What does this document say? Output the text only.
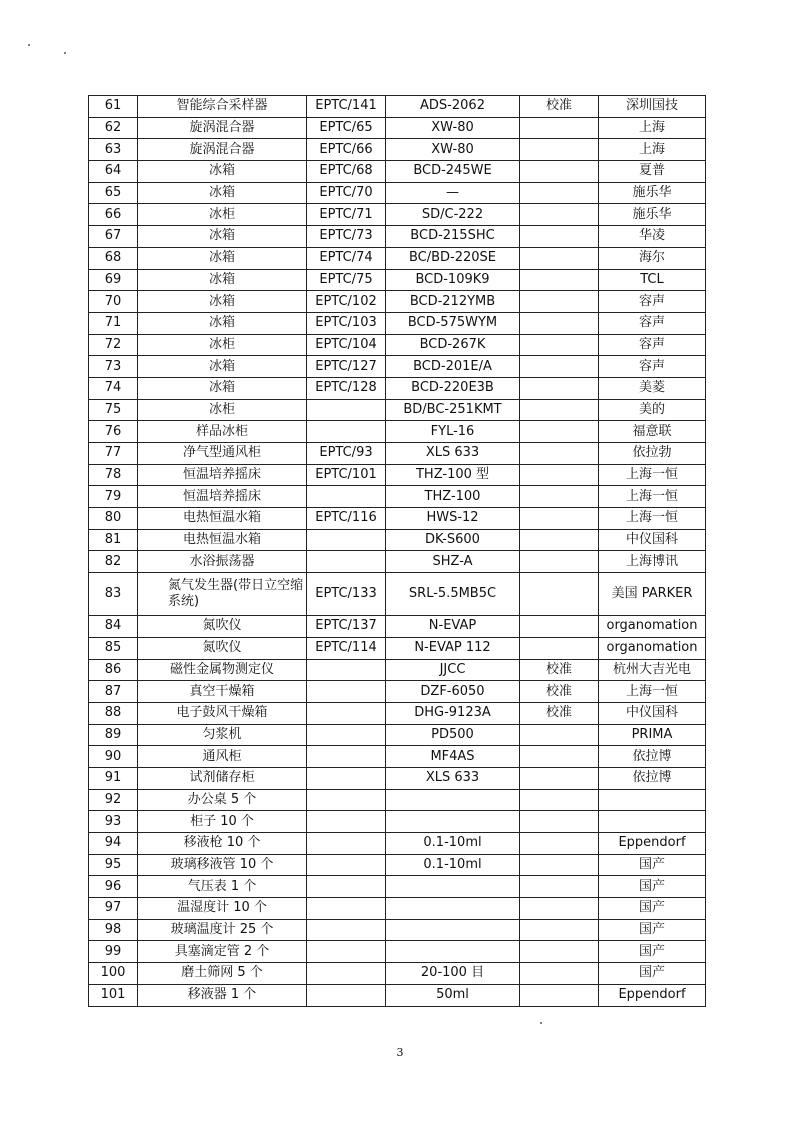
61	智能综合采样器	EPTC/141	ADS-2062	校准	深圳国技
62	旋涡混合器	EPTC/65	XW-80		上海
63	旋涡混合器	EPTC/66	XW-80		上海
64	冰箱	EPTC/68	BCD-245WE		夏普
65	冰箱	EPTC/70	—		施乐华
66	冰柜	EPTC/71	SD/C-222		施乐华
67	冰箱	EPTC/73	BCD-215SHC		华凌
68	冰箱	EPTC/74	BC/BD-220SE		海尔
69	冰箱	EPTC/75	BCD-109K9		TCL
70	冰箱	EPTC/102	BCD-212YMB		容声
71	冰箱	EPTC/103	BCD-575WYM		容声
72	冰柜	EPTC/104	BCD-267K		容声
73	冰箱	EPTC/127	BCD-201E/A		容声
74	冰箱	EPTC/128	BCD-220E3B		美菱
75	冰柜		BD/BC-251KMT		美的
76	样品冰柜		FYL-16		福意联
77	净气型通风柜	EPTC/93	XLS 633		依拉勃
78	恒温培养摇床	EPTC/101	THZ-100 型		上海一恒
79	恒温培养摇床		THZ-100		上海一恒
80	电热恒温水箱	EPTC/116	HWS-12		上海一恒
81	电热恒温水箱		DK-S600		中仪国科
82	水浴振荡器		SHZ-A		上海博讯
83	氮气发生器(带日立空缩系统)	EPTC/133	SRL-5.5MB5C		美国 PARKER
84	氮吹仪	EPTC/137	N-EVAP		organomation
85	氮吹仪	EPTC/114	N-EVAP 112		organomation
86	磁性金属物测定仪		JJCC	校准	杭州大吉光电
87	真空干燥箱		DZF-6050	校准	上海一恒
88	电子鼓风干燥箱		DHG-9123A	校准	中仪国科
89	匀浆机		PD500		PRIMA
90	通风柜		MF4AS		依拉博
91	试剂储存柜		XLS 633		依拉博
92	办公桌 5 个				
93	柜子 10 个				
94	移液枪 10 个		0.1-10ml		Eppendorf
95	玻璃移液管 10 个		0.1-10ml		国产
96	气压表 1 个				国产
97	温湿度计 10 个				国产
98	玻璃温度计 25 个				国产
99	具塞滴定管 2 个				国产
100	磨土筛网 5 个		20-100 目		国产
101	移液器 1 个		50ml		Eppendorf
3
